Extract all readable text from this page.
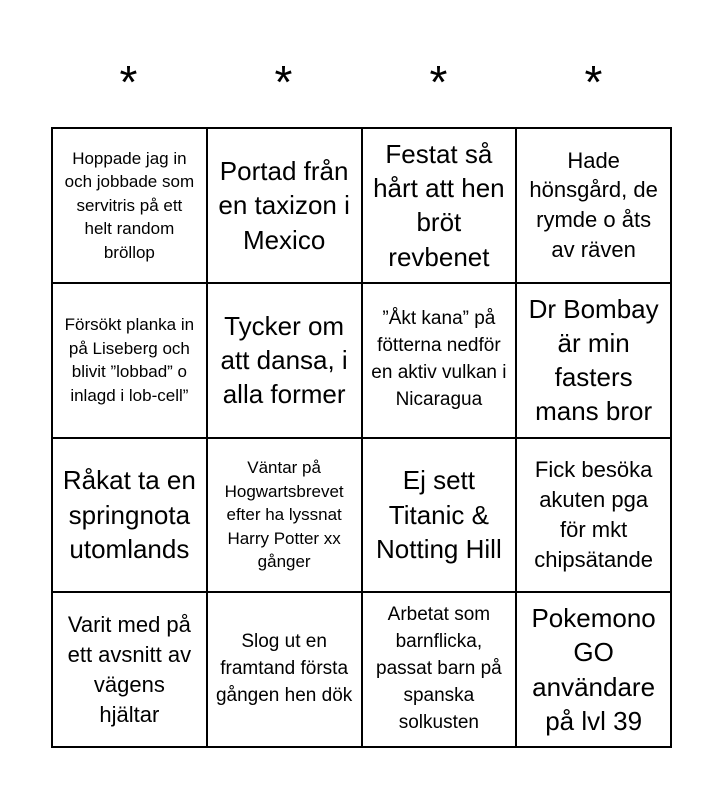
*	*	*	*
Hoppade jag in och jobbade som servitris på ett helt random bröllop
Portad från en taxizon i Mexico
Festat så hårt att hen bröt revbenet
Hade hönsgård, de rymde o åts av räven
Försökt planka in på Liseberg och blivit ”lobbad” o inlagd i lob-cell”
Tycker om att dansa, i alla former
”Åkt kana” på fötterna nedför en aktiv vulkan i Nicaragua
Dr Bombay är min fasters mans bror
Råkat ta en springnota utomlands
Väntar på Hogwartsbrevet efter ha lyssnat Harry Potter xx gånger
Ej sett Titanic & Notting Hill
Fick besöka akuten pga för mkt chipsätande
Varit med på ett avsnitt av vägens hjältar
Slog ut en framtand första gången hen dök
Arbetat som barnflicka, passat barn på spanska solkusten
Pokemono GO användare på lvl 39
